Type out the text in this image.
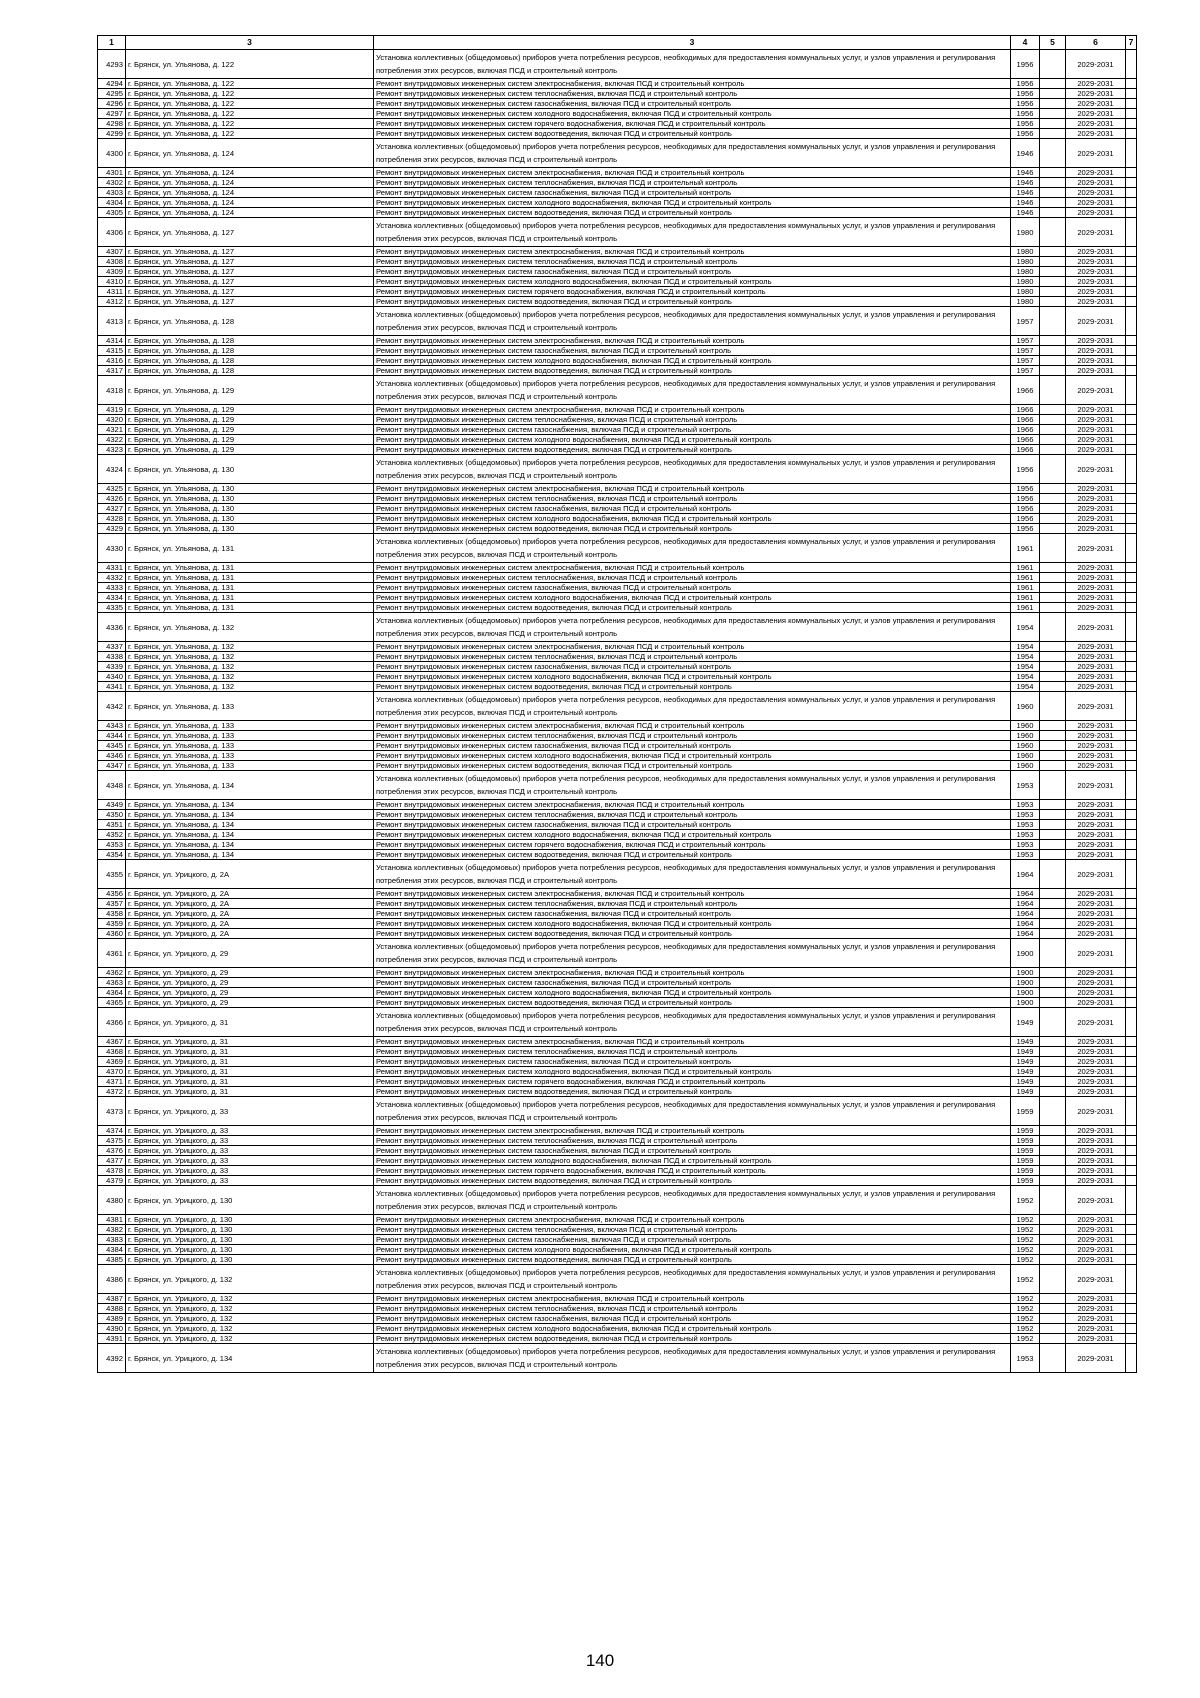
1	3	3	4	5	6	7
4293	г. Брянск, ул. Ульянова, д. 122	Установка коллективных (общедомовых) приборов учета потребления ресурсов, необходимых для предоставления коммунальных услуг, и узлов управления и регулирования потребления этих ресурсов, включая ПСД и строительный контроль	1956		2029-2031	
4294	г. Брянск, ул. Ульянова, д. 122	Ремонт внутридомовых инженерных систем электроснабжения, включая ПСД и строительный контроль	1956		2029-2031	
4295	г. Брянск, ул. Ульянова, д. 122	Ремонт внутридомовых инженерных систем теплоснабжения, включая ПСД и строительный контроль	1956		2029-2031	
4296	г. Брянск, ул. Ульянова, д. 122	Ремонт внутридомовых инженерных систем газоснабжения, включая ПСД и строительный контроль	1956		2029-2031	
4297	г. Брянск, ул. Ульянова, д. 122	Ремонт внутридомовых инженерных систем холодного водоснабжения, включая ПСД и строительный контроль	1956		2029-2031	
4298	г. Брянск, ул. Ульянова, д. 122	Ремонт внутридомовых инженерных систем горячего водоснабжения, включая ПСД и строительный контроль	1956		2029-2031	
4299	г. Брянск, ул. Ульянова, д. 122	Ремонт внутридомовых инженерных систем водоотведения, включая ПСД и строительный контроль	1956		2029-2031	
4300	г. Брянск, ул. Ульянова, д. 124	Установка коллективных (общедомовых) приборов учета потребления ресурсов, необходимых для предоставления коммунальных услуг, и узлов управления и регулирования потребления этих ресурсов, включая ПСД и строительный контроль	1946		2029-2031	
4301	г. Брянск, ул. Ульянова, д. 124	Ремонт внутридомовых инженерных систем электроснабжения, включая ПСД и строительный контроль	1946		2029-2031	
4302	г. Брянск, ул. Ульянова, д. 124	Ремонт внутридомовых инженерных систем теплоснабжения, включая ПСД и строительный контроль	1946		2029-2031	
4303	г. Брянск, ул. Ульянова, д. 124	Ремонт внутридомовых инженерных систем газоснабжения, включая ПСД и строительный контроль	1946		2029-2031	
4304	г. Брянск, ул. Ульянова, д. 124	Ремонт внутридомовых инженерных систем холодного водоснабжения, включая ПСД и строительный контроль	1946		2029-2031	
4305	г. Брянск, ул. Ульянова, д. 124	Ремонт внутридомовых инженерных систем водоотведения, включая ПСД и строительный контроль	1946		2029-2031	
4306	г. Брянск, ул. Ульянова, д. 127	Установка коллективных (общедомовых) приборов учета потребления ресурсов, необходимых для предоставления коммунальных услуг, и узлов управления и регулирования потребления этих ресурсов, включая ПСД и строительный контроль	1980		2029-2031	
4307	г. Брянск, ул. Ульянова, д. 127	Ремонт внутридомовых инженерных систем электроснабжения, включая ПСД и строительный контроль	1980		2029-2031	
4308	г. Брянск, ул. Ульянова, д. 127	Ремонт внутридомовых инженерных систем теплоснабжения, включая ПСД и строительный контроль	1980		2029-2031	
4309	г. Брянск, ул. Ульянова, д. 127	Ремонт внутридомовых инженерных систем газоснабжения, включая ПСД и строительный контроль	1980		2029-2031	
4310	г. Брянск, ул. Ульянова, д. 127	Ремонт внутридомовых инженерных систем холодного водоснабжения, включая ПСД и строительный контроль	1980		2029-2031	
4311	г. Брянск, ул. Ульянова, д. 127	Ремонт внутридомовых инженерных систем горячего водоснабжения, включая ПСД и строительный контроль	1980		2029-2031	
4312	г. Брянск, ул. Ульянова, д. 127	Ремонт внутридомовых инженерных систем водоотведения, включая ПСД и строительный контроль	1980		2029-2031	
4313	г. Брянск, ул. Ульянова, д. 128	Установка коллективных (общедомовых) приборов учета потребления ресурсов, необходимых для предоставления коммунальных услуг, и узлов управления и регулирования потребления этих ресурсов, включая ПСД и строительный контроль	1957		2029-2031	
4314	г. Брянск, ул. Ульянова, д. 128	Ремонт внутридомовых инженерных систем электроснабжения, включая ПСД и строительный контроль	1957		2029-2031	
4315	г. Брянск, ул. Ульянова, д. 128	Ремонт внутридомовых инженерных систем газоснабжения, включая ПСД и строительный контроль	1957		2029-2031	
4316	г. Брянск, ул. Ульянова, д. 128	Ремонт внутридомовых инженерных систем холодного водоснабжения, включая ПСД и строительный контроль	1957		2029-2031	
4317	г. Брянск, ул. Ульянова, д. 128	Ремонт внутридомовых инженерных систем водоотведения, включая ПСД и строительный контроль	1957		2029-2031	
4318	г. Брянск, ул. Ульянова, д. 129	Установка коллективных (общедомовых) приборов учета потребления ресурсов, необходимых для предоставления коммунальных услуг, и узлов управления и регулирования потребления этих ресурсов, включая ПСД и строительный контроль	1966		2029-2031	
4319	г. Брянск, ул. Ульянова, д. 129	Ремонт внутридомовых инженерных систем электроснабжения, включая ПСД и строительный контроль	1966		2029-2031	
4320	г. Брянск, ул. Ульянова, д. 129	Ремонт внутридомовых инженерных систем теплоснабжения, включая ПСД и строительный контроль	1966		2029-2031	
4321	г. Брянск, ул. Ульянова, д. 129	Ремонт внутридомовых инженерных систем газоснабжения, включая ПСД и строительный контроль	1966		2029-2031	
4322	г. Брянск, ул. Ульянова, д. 129	Ремонт внутридомовых инженерных систем холодного водоснабжения, включая ПСД и строительный контроль	1966		2029-2031	
4323	г. Брянск, ул. Ульянова, д. 129	Ремонт внутридомовых инженерных систем водоотведения, включая ПСД и строительный контроль	1966		2029-2031	
4324	г. Брянск, ул. Ульянова, д. 130	Установка коллективных (общедомовых) приборов учета потребления ресурсов, необходимых для предоставления коммунальных услуг, и узлов управления и регулирования потребления этих ресурсов, включая ПСД и строительный контроль	1956		2029-2031	
4325	г. Брянск, ул. Ульянова, д. 130	Ремонт внутридомовых инженерных систем электроснабжения, включая ПСД и строительный контроль	1956		2029-2031	
4326	г. Брянск, ул. Ульянова, д. 130	Ремонт внутридомовых инженерных систем теплоснабжения, включая ПСД и строительный контроль	1956		2029-2031	
4327	г. Брянск, ул. Ульянова, д. 130	Ремонт внутридомовых инженерных систем газоснабжения, включая ПСД и строительный контроль	1956		2029-2031	
4328	г. Брянск, ул. Ульянова, д. 130	Ремонт внутридомовых инженерных систем холодного водоснабжения, включая ПСД и строительный контроль	1956		2029-2031	
4329	г. Брянск, ул. Ульянова, д. 130	Ремонт внутридомовых инженерных систем водоотведения, включая ПСД и строительный контроль	1956		2029-2031	
4330	г. Брянск, ул. Ульянова, д. 131	Установка коллективных (общедомовых) приборов учета потребления ресурсов, необходимых для предоставления коммунальных услуг, и узлов управления и регулирования потребления этих ресурсов, включая ПСД и строительный контроль	1961		2029-2031	
4331	г. Брянск, ул. Ульянова, д. 131	Ремонт внутридомовых инженерных систем электроснабжения, включая ПСД и строительный контроль	1961		2029-2031	
4332	г. Брянск, ул. Ульянова, д. 131	Ремонт внутридомовых инженерных систем теплоснабжения, включая ПСД и строительный контроль	1961		2029-2031	
4333	г. Брянск, ул. Ульянова, д. 131	Ремонт внутридомовых инженерных систем газоснабжения, включая ПСД и строительный контроль	1961		2029-2031	
4334	г. Брянск, ул. Ульянова, д. 131	Ремонт внутридомовых инженерных систем холодного водоснабжения, включая ПСД и строительный контроль	1961		2029-2031	
4335	г. Брянск, ул. Ульянова, д. 131	Ремонт внутридомовых инженерных систем водоотведения, включая ПСД и строительный контроль	1961		2029-2031	
4336	г. Брянск, ул. Ульянова, д. 132	Установка коллективных (общедомовых) приборов учета потребления ресурсов, необходимых для предоставления коммунальных услуг, и узлов управления и регулирования потребления этих ресурсов, включая ПСД и строительный контроль	1954		2029-2031	
4337	г. Брянск, ул. Ульянова, д. 132	Ремонт внутридомовых инженерных систем электроснабжения, включая ПСД и строительный контроль	1954		2029-2031	
4338	г. Брянск, ул. Ульянова, д. 132	Ремонт внутридомовых инженерных систем теплоснабжения, включая ПСД и строительный контроль	1954		2029-2031	
4339	г. Брянск, ул. Ульянова, д. 132	Ремонт внутридомовых инженерных систем газоснабжения, включая ПСД и строительный контроль	1954		2029-2031	
4340	г. Брянск, ул. Ульянова, д. 132	Ремонт внутридомовых инженерных систем холодного водоснабжения, включая ПСД и строительный контроль	1954		2029-2031	
4341	г. Брянск, ул. Ульянова, д. 132	Ремонт внутридомовых инженерных систем водоотведения, включая ПСД и строительный контроль	1954		2029-2031	
4342	г. Брянск, ул. Ульянова, д. 133	Установка коллективных (общедомовых) приборов учета потребления ресурсов, необходимых для предоставления коммунальных услуг, и узлов управления и регулирования потребления этих ресурсов, включая ПСД и строительный контроль	1960		2029-2031	
4343	г. Брянск, ул. Ульянова, д. 133	Ремонт внутридомовых инженерных систем электроснабжения, включая ПСД и строительный контроль	1960		2029-2031	
4344	г. Брянск, ул. Ульянова, д. 133	Ремонт внутридомовых инженерных систем теплоснабжения, включая ПСД и строительный контроль	1960		2029-2031	
4345	г. Брянск, ул. Ульянова, д. 133	Ремонт внутридомовых инженерных систем газоснабжения, включая ПСД и строительный контроль	1960		2029-2031	
4346	г. Брянск, ул. Ульянова, д. 133	Ремонт внутридомовых инженерных систем холодного водоснабжения, включая ПСД и строительный контроль	1960		2029-2031	
4347	г. Брянск, ул. Ульянова, д. 133	Ремонт внутридомовых инженерных систем водоотведения, включая ПСД и строительный контроль	1960		2029-2031	
4348	г. Брянск, ул. Ульянова, д. 134	Установка коллективных (общедомовых) приборов учета потребления ресурсов, необходимых для предоставления коммунальных услуг, и узлов управления и регулирования потребления этих ресурсов, включая ПСД и строительный контроль	1953		2029-2031	
4349	г. Брянск, ул. Ульянова, д. 134	Ремонт внутридомовых инженерных систем электроснабжения, включая ПСД и строительный контроль	1953		2029-2031	
4350	г. Брянск, ул. Ульянова, д. 134	Ремонт внутридомовых инженерных систем теплоснабжения, включая ПСД и строительный контроль	1953		2029-2031	
4351	г. Брянск, ул. Ульянова, д. 134	Ремонт внутридомовых инженерных систем газоснабжения, включая ПСД и строительный контроль	1953		2029-2031	
4352	г. Брянск, ул. Ульянова, д. 134	Ремонт внутридомовых инженерных систем холодного водоснабжения, включая ПСД и строительный контроль	1953		2029-2031	
4353	г. Брянск, ул. Ульянова, д. 134	Ремонт внутридомовых инженерных систем горячего водоснабжения, включая ПСД и строительный контроль	1953		2029-2031	
4354	г. Брянск, ул. Ульянова, д. 134	Ремонт внутридомовых инженерных систем водоотведения, включая ПСД и строительный контроль	1953		2029-2031	
4355	г. Брянск, ул. Урицкого, д. 2А	Установка коллективных (общедомовых) приборов учета потребления ресурсов, необходимых для предоставления коммунальных услуг, и узлов управления и регулирования потребления этих ресурсов, включая ПСД и строительный контроль	1964		2029-2031	
4356	г. Брянск, ул. Урицкого, д. 2А	Ремонт внутридомовых инженерных систем электроснабжения, включая ПСД и строительный контроль	1964		2029-2031	
4357	г. Брянск, ул. Урицкого, д. 2А	Ремонт внутридомовых инженерных систем теплоснабжения, включая ПСД и строительный контроль	1964		2029-2031	
4358	г. Брянск, ул. Урицкого, д. 2А	Ремонт внутридомовых инженерных систем газоснабжения, включая ПСД и строительный контроль	1964		2029-2031	
4359	г. Брянск, ул. Урицкого, д. 2А	Ремонт внутридомовых инженерных систем холодного водоснабжения, включая ПСД и строительный контроль	1964		2029-2031	
4360	г. Брянск, ул. Урицкого, д. 2А	Ремонт внутридомовых инженерных систем водоотведения, включая ПСД и строительный контроль	1964		2029-2031	
4361	г. Брянск, ул. Урицкого, д. 29	Установка коллективных (общедомовых) приборов учета потребления ресурсов, необходимых для предоставления коммунальных услуг, и узлов управления и регулирования потребления этих ресурсов, включая ПСД и строительный контроль	1900		2029-2031	
4362	г. Брянск, ул. Урицкого, д. 29	Ремонт внутридомовых инженерных систем электроснабжения, включая ПСД и строительный контроль	1900		2029-2031	
4363	г. Брянск, ул. Урицкого, д. 29	Ремонт внутридомовых инженерных систем газоснабжения, включая ПСД и строительный контроль	1900		2029-2031	
4364	г. Брянск, ул. Урицкого, д. 29	Ремонт внутридомовых инженерных систем холодного водоснабжения, включая ПСД и строительный контроль	1900		2029-2031	
4365	г. Брянск, ул. Урицкого, д. 29	Ремонт внутридомовых инженерных систем водоотведения, включая ПСД и строительный контроль	1900		2029-2031	
4366	г. Брянск, ул. Урицкого, д. 31	Установка коллективных (общедомовых) приборов учета потребления ресурсов, необходимых для предоставления коммунальных услуг, и узлов управления и регулирования потребления этих ресурсов, включая ПСД и строительный контроль	1949		2029-2031	
4367	г. Брянск, ул. Урицкого, д. 31	Ремонт внутридомовых инженерных систем электроснабжения, включая ПСД и строительный контроль	1949		2029-2031	
4368	г. Брянск, ул. Урицкого, д. 31	Ремонт внутридомовых инженерных систем теплоснабжения, включая ПСД и строительный контроль	1949		2029-2031	
4369	г. Брянск, ул. Урицкого, д. 31	Ремонт внутридомовых инженерных систем газоснабжения, включая ПСД и строительный контроль	1949		2029-2031	
4370	г. Брянск, ул. Урицкого, д. 31	Ремонт внутридомовых инженерных систем холодного водоснабжения, включая ПСД и строительный контроль	1949		2029-2031	
4371	г. Брянск, ул. Урицкого, д. 31	Ремонт внутридомовых инженерных систем горячего водоснабжения, включая ПСД и строительный контроль	1949		2029-2031	
4372	г. Брянск, ул. Урицкого, д. 31	Ремонт внутридомовых инженерных систем водоотведения, включая ПСД и строительный контроль	1949		2029-2031	
4373	г. Брянск, ул. Урицкого, д. 33	Установка коллективных (общедомовых) приборов учета потребления ресурсов, необходимых для предоставления коммунальных услуг, и узлов управления и регулирования потребления этих ресурсов, включая ПСД и строительный контроль	1959		2029-2031	
4374	г. Брянск, ул. Урицкого, д. 33	Ремонт внутридомовых инженерных систем электроснабжения, включая ПСД и строительный контроль	1959		2029-2031	
4375	г. Брянск, ул. Урицкого, д. 33	Ремонт внутридомовых инженерных систем теплоснабжения, включая ПСД и строительный контроль	1959		2029-2031	
4376	г. Брянск, ул. Урицкого, д. 33	Ремонт внутридомовых инженерных систем газоснабжения, включая ПСД и строительный контроль	1959		2029-2031	
4377	г. Брянск, ул. Урицкого, д. 33	Ремонт внутридомовых инженерных систем холодного водоснабжения, включая ПСД и строительный контроль	1959		2029-2031	
4378	г. Брянск, ул. Урицкого, д. 33	Ремонт внутридомовых инженерных систем горячего водоснабжения, включая ПСД и строительный контроль	1959		2029-2031	
4379	г. Брянск, ул. Урицкого, д. 33	Ремонт внутридомовых инженерных систем водоотведения, включая ПСД и строительный контроль	1959		2029-2031	
4380	г. Брянск, ул. Урицкого, д. 130	Установка коллективных (общедомовых) приборов учета потребления ресурсов, необходимых для предоставления коммунальных услуг, и узлов управления и регулирования потребления этих ресурсов, включая ПСД и строительный контроль	1952		2029-2031	
4381	г. Брянск, ул. Урицкого, д. 130	Ремонт внутридомовых инженерных систем электроснабжения, включая ПСД и строительный контроль	1952		2029-2031	
4382	г. Брянск, ул. Урицкого, д. 130	Ремонт внутридомовых инженерных систем теплоснабжения, включая ПСД и строительный контроль	1952		2029-2031	
4383	г. Брянск, ул. Урицкого, д. 130	Ремонт внутридомовых инженерных систем газоснабжения, включая ПСД и строительный контроль	1952		2029-2031	
4384	г. Брянск, ул. Урицкого, д. 130	Ремонт внутридомовых инженерных систем холодного водоснабжения, включая ПСД и строительный контроль	1952		2029-2031	
4385	г. Брянск, ул. Урицкого, д. 130	Ремонт внутридомовых инженерных систем водоотведения, включая ПСД и строительный контроль	1952		2029-2031	
4386	г. Брянск, ул. Урицкого, д. 132	Установка коллективных (общедомовых) приборов учета потребления ресурсов, необходимых для предоставления коммунальных услуг, и узлов управления и регулирования потребления этих ресурсов, включая ПСД и строительный контроль	1952		2029-2031	
4387	г. Брянск, ул. Урицкого, д. 132	Ремонт внутридомовых инженерных систем электроснабжения, включая ПСД и строительный контроль	1952		2029-2031	
4388	г. Брянск, ул. Урицкого, д. 132	Ремонт внутридомовых инженерных систем теплоснабжения, включая ПСД и строительный контроль	1952		2029-2031	
4389	г. Брянск, ул. Урицкого, д. 132	Ремонт внутридомовых инженерных систем газоснабжения, включая ПСД и строительный контроль	1952		2029-2031	
4390	г. Брянск, ул. Урицкого, д. 132	Ремонт внутридомовых инженерных систем холодного водоснабжения, включая ПСД и строительный контроль	1952		2029-2031	
4391	г. Брянск, ул. Урицкого, д. 132	Ремонт внутридомовых инженерных систем водоотведения, включая ПСД и строительный контроль	1952		2029-2031	
4392	г. Брянск, ул. Урицкого, д. 134	Установка коллективных (общедомовых) приборов учета потребления ресурсов, необходимых для предоставления коммунальных услуг, и узлов управления и регулирования потребления этих ресурсов, включая ПСД и строительный контроль	1953		2029-2031	
140
